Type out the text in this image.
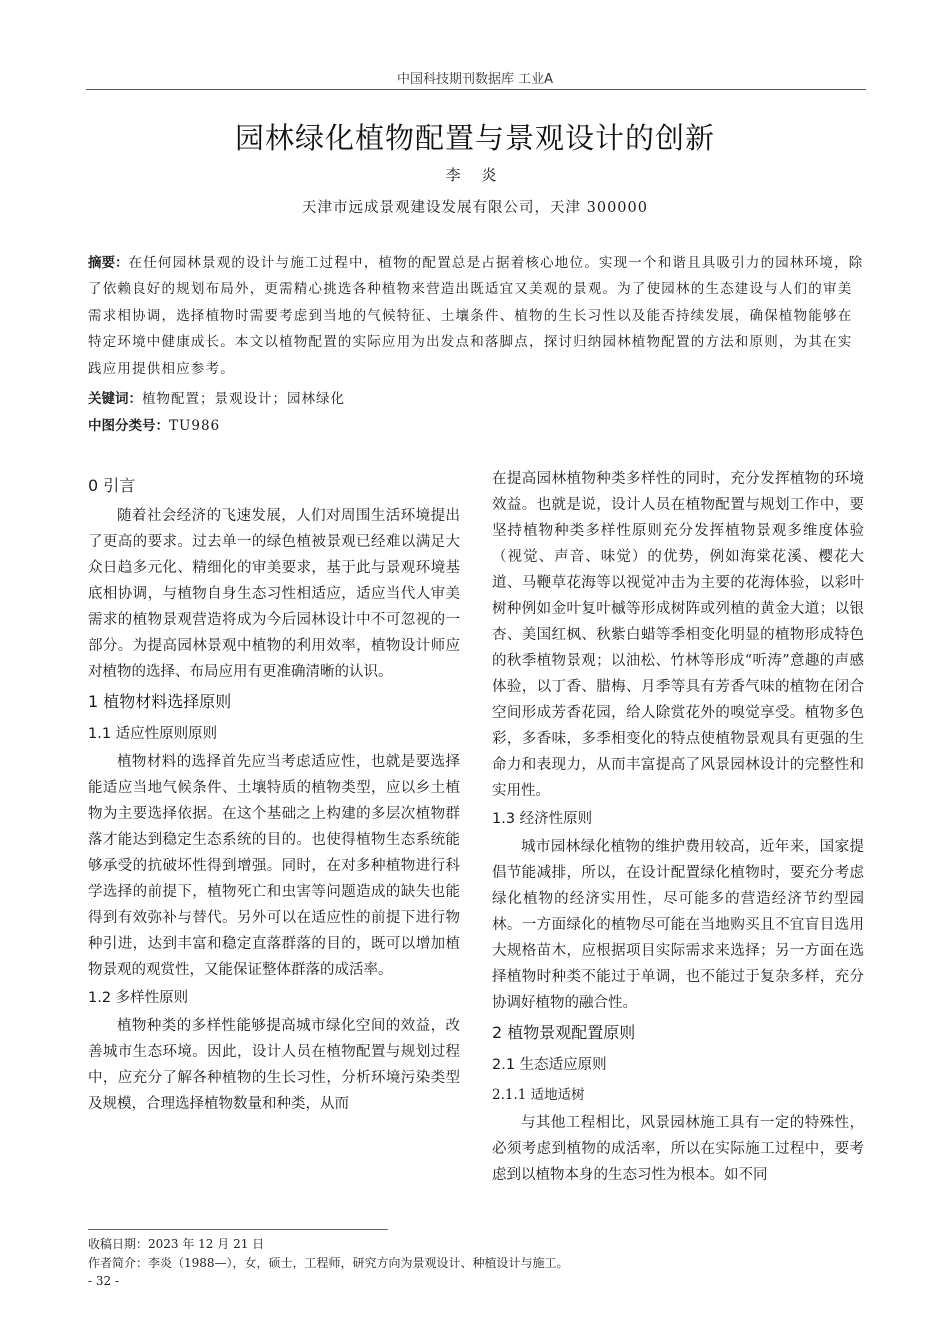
中国科技期刊数据库 工业A
园林绿化植物配置与景观设计的创新
李 炎
天津市远成景观建设发展有限公司，天津 300000

摘要：在任何园林景观的设计与施工过程中，植物的配置总是占据着核心地位。实现一个和谐且具吸引力的园林环境，除了依赖良好的规划布局外，更需精心挑选各种植物来营造出既适宜又美观的景观。为了使园林的生态建设与人们的审美需求相协调，选择植物时需要考虑到当地的气候特征、土壤条件、植物的生长习性以及能否持续发展，确保植物能够在特定环境中健康成长。本文以植物配置的实际应用为出发点和落脚点，探讨归纳园林植物配置的方法和原则，为其在实践应用提供相应参考。

关键词：植物配置；景观设计；园林绿化
中图分类号：TU986
0 引言

随着社会经济的飞速发展，人们对周围生活环境提出了更高的要求。过去单一的绿色植被景观已经难以满足大众日趋多元化、精细化的审美要求，基于此与景观环境基底相协调，与植物自身生态习性相适应，适应当代人审美需求的植物景观营造将成为今后园林设计中不可忽视的一部分。为提高园林景观中植物的利用效率，植物设计师应对植物的选择、布局应用有更准确清晰的认识。

1 植物材料选择原则
1.1 适应性原则原则

植物材料的选择首先应当考虑适应性，也就是要选择能适应当地气候条件、土壤特质的植物类型，应以乡土植物为主要选择依据。在这个基础之上构建的多层次植物群落才能达到稳定生态系统的目的。也使得植物生态系统能够承受的抗破坏性得到增强。同时，在对多种植物进行科学选择的前提下，植物死亡和虫害等问题造成的缺失也能得到有效弥补与替代。另外可以在适应性的前提下进行物种引进，达到丰富和稳定直落群落的目的，既可以增加植物景观的观赏性，又能保证整体群落的成活率。

1.2 多样性原则

植物种类的多样性能够提高城市绿化空间的效益，改善城市生态环境。因此，设计人员在植物配置与规划过程中，应充分了解各种植物的生长习性，分析环境污染类型及规模，合理选择植物数量和种类，从而

在提高园林植物种类多样性的同时，充分发挥植物的环境效益。也就是说，设计人员在植物配置与规划工作中，要坚持植物种类多样性原则充分发挥植物景观多维度体验（视觉、声音、味觉）的优势，例如海棠花溪、樱花大道、马鞭草花海等以视觉冲击为主要的花海体验，以彩叶树种例如金叶复叶槭等形成树阵或列植的黄金大道；以银杏、美国红枫、秋紫白蜡等季相变化明显的植物形成特色的秋季植物景观；以油松、竹林等形成“听涛”意趣的声感体验，以丁香、腊梅、月季等具有芳香气味的植物在闭合空间形成芳香花园，给人除赏花外的嗅觉享受。植物多色彩，多香味，多季相变化的特点使植物景观具有更强的生命力和表现力，从而丰富提高了风景园林设计的完整性和实用性。

1.3 经济性原则

城市园林绿化植物的维护费用较高，近年来，国家提倡节能减排，所以，在设计配置绿化植物时，要充分考虑绿化植物的经济实用性，尽可能多的营造经济节约型园林。一方面绿化的植物尽可能在当地购买且不宜盲目选用大规格苗木，应根据项目实际需求来选择；另一方面在选择植物时种类不能过于单调，也不能过于复杂多样，充分协调好植物的融合性。

2 植物景观配置原则
2.1 生态适应原则
2.1.1 适地适树

与其他工程相比，风景园林施工具有一定的特殊性，必须考虑到植物的成活率，所以在实际施工过程中，要考虑到以植物本身的生态习性为根本。如不同

收稿日期：2023 年 12 月 21 日
作者简介：李炎（1988—），女，硕士，工程师，研究方向为景观设计、种植设计与施工。
- 32 -
